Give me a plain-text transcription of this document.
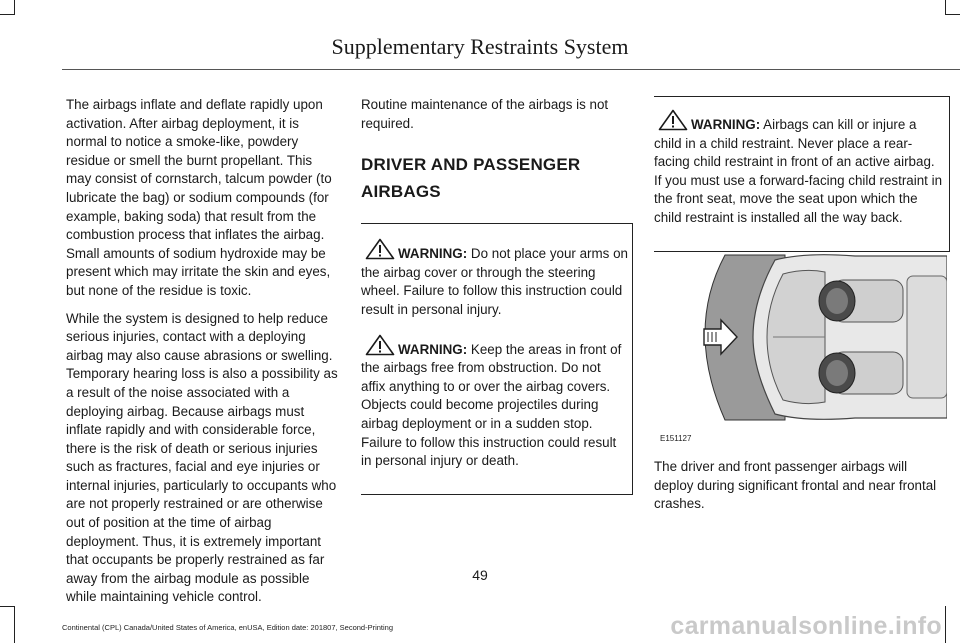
Supplementary Restraints System

The airbags inflate and deflate rapidly upon activation. After airbag deployment, it is normal to notice a smoke-like, powdery residue or smell the burnt propellant. This may consist of cornstarch, talcum powder (to lubricate the bag) or sodium compounds (for example, baking soda) that result from the combustion process that inflates the airbag. Small amounts of sodium hydroxide may be present which may irritate the skin and eyes, but none of the residue is toxic.

While the system is designed to help reduce serious injuries, contact with a deploying airbag may also cause abrasions or swelling. Temporary hearing loss is also a possibility as a result of the noise associated with a deploying airbag. Because airbags must inflate rapidly and with considerable force, there is the risk of death or serious injuries such as fractures, facial and eye injuries or internal injuries, particularly to occupants who are not properly restrained or are otherwise out of position at the time of airbag deployment. Thus, it is extremely important that occupants be properly restrained as far away from the airbag module as possible while maintaining vehicle control.

Routine maintenance of the airbags is not required.

DRIVER AND PASSENGER AIRBAGS

WARNING: Do not place your arms on the airbag cover or through the steering wheel. Failure to follow this instruction could result in personal injury.

WARNING: Keep the areas in front of the airbags free from obstruction. Do not affix anything to or over the airbag covers. Objects could become projectiles during airbag deployment or in a sudden stop. Failure to follow this instruction could result in personal injury or death.

WARNING: Airbags can kill or injure a child in a child restraint. Never place a rear-facing child restraint in front of an active airbag. If you must use a forward-facing child restraint in the front seat, move the seat upon which the child restraint is installed all the way back.

E151127
The driver and front passenger airbags will deploy during significant frontal and near frontal crashes.
49
Continental (CPL) Canada/United States of America, enUSA, Edition date: 201807, Second-Printing	carmanualsonline.info
